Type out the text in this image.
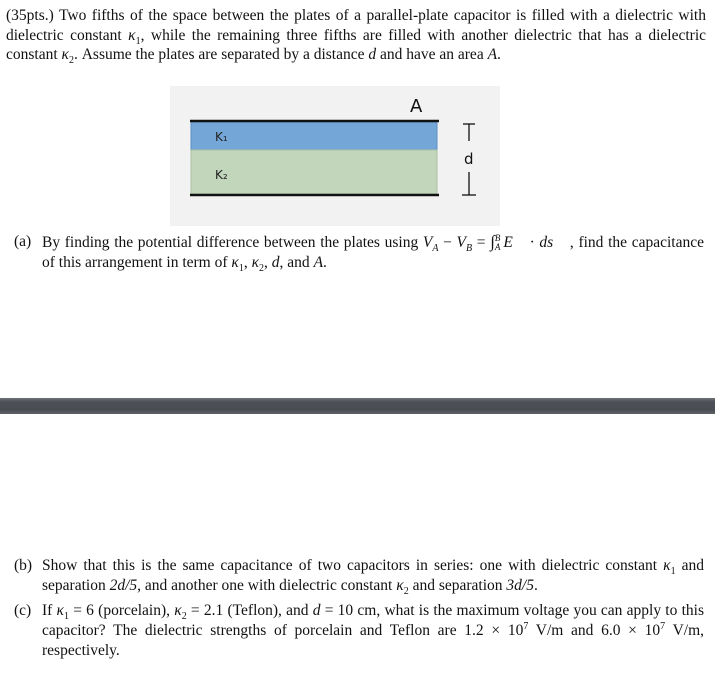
(35pts.) Two fifths of the space between the plates of a parallel-plate capacitor is filled with a dielectric with dielectric constant $\kappa_1$, while the remaining three fifths are filled with another dielectric that has a dielectric constant $\kappa_2$. Assume the plates are separated by a distance d and have an area A.
A
K₁
K₂
d
(a) By finding the potential difference between the plates using $V_A - V_B$ = ∫ B
A E⃗ · ds⃗ , find the capacitance of this arrangement in term of $\kappa_1$, $\kappa_2$, d, and A.
(b) Show that this is the same capacitance of two capacitors in series: one with dielectric constant $\kappa_1$ and separation 2d/5, and another one with dielectric constant $\kappa_2$ and separation 3d/5.
(c) If $\kappa_1 = 6$ (porcelain), $\kappa_2 = 2.1$ (Teflon), and d = 10 cm, what is the maximum voltage you can apply to this capacitor? The dielectric strengths of porcelain and Teflon are $1.2 \times 10^7$ V/m and $6.0 \times 10^7$ V/m, respectively.
